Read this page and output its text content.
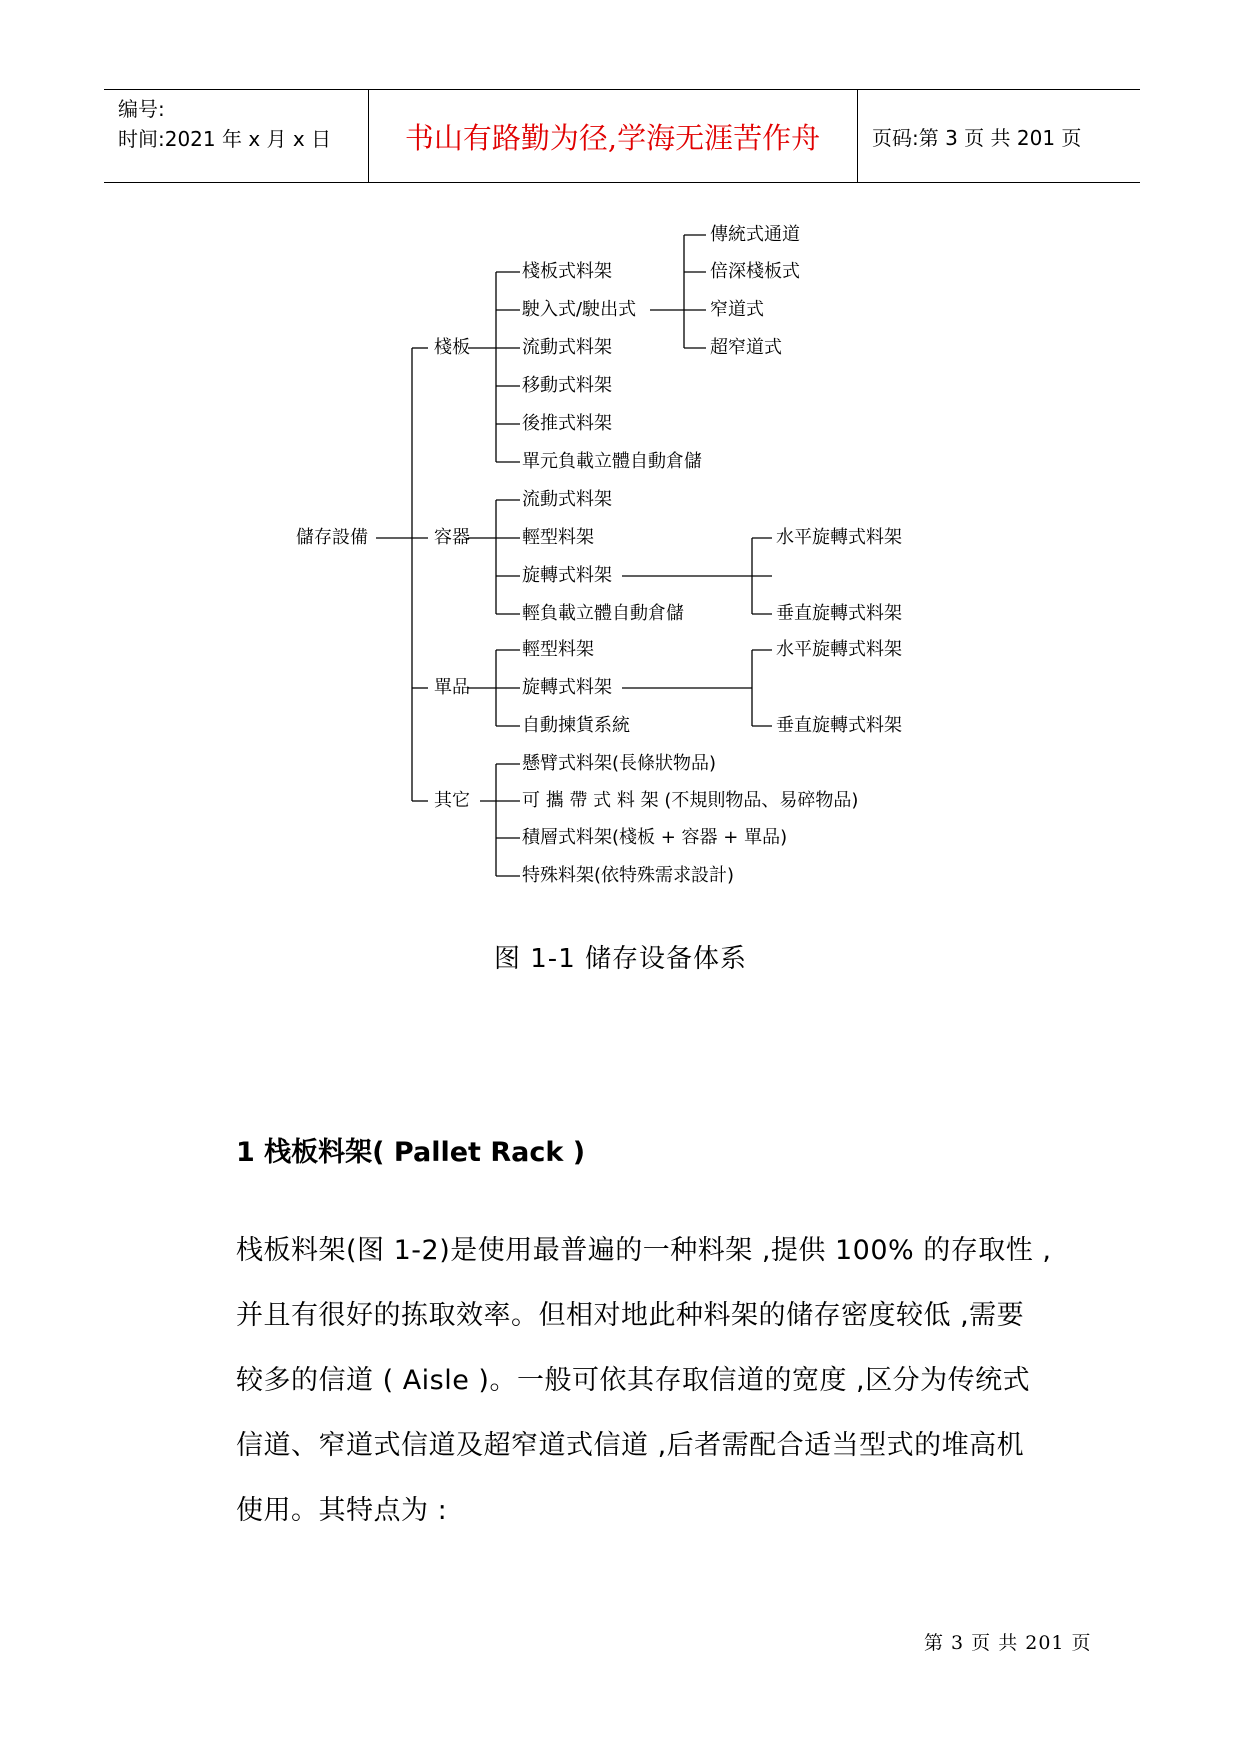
编号:
时间:2021 年 x 月 x 日	书山有路勤为径,学海无涯苦作舟	页码:第 3 页 共 201 页
儲存設備
棧板
容器
單品
其它
棧板式料架
駛入式/駛出式
流動式料架
移動式料架
後推式料架
單元負載立體自動倉儲
傳統式通道
倍深棧板式
窄道式
超窄道式
流動式料架
輕型料架
旋轉式料架
輕負載立體自動倉儲
水平旋轉式料架
垂直旋轉式料架
輕型料架
旋轉式料架
自動揀貨系統
水平旋轉式料架
垂直旋轉式料架
懸臂式料架(長條狀物品)
可 攜 帶 式 料 架 (不規則物品、易碎物品)
積層式料架(棧板 + 容器 + 單品)
特殊料架(依特殊需求設計)
图 1-1 储存设备体系
1 栈板料架( Pallet Rack )
栈板料架(图 1-2)是使用最普遍的一种料架 ,提供 100% 的存取性 ,
并且有很好的拣取效率。但相对地此种料架的储存密度较低 ,需要
较多的信道 ( Aisle )。一般可依其存取信道的宽度 ,区分为传统式
信道、窄道式信道及超窄道式信道 ,后者需配合适当型式的堆高机
使用。其特点为 :
第 3 页 共 201 页
